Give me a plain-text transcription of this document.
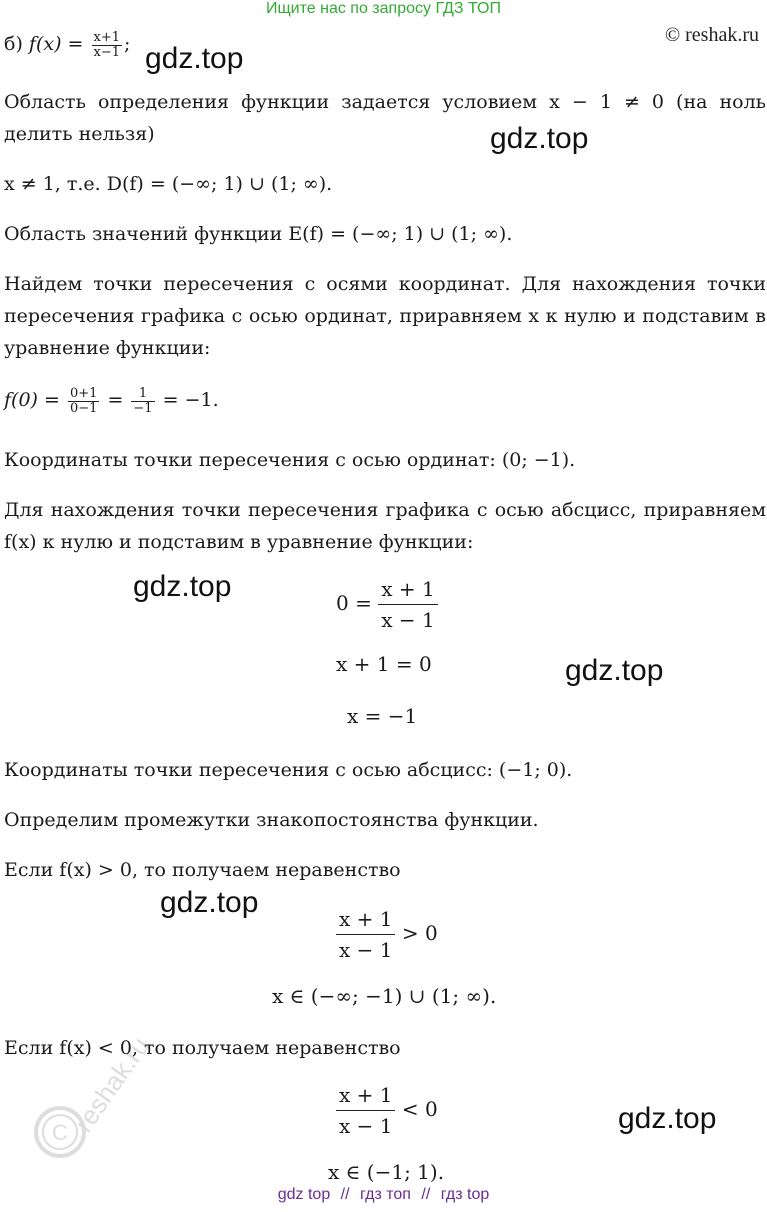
Ищите нас по запросу ГДЗ ТОП
© reshak.ru
б) $f(x) = \frac{x+1}{x-1}$ ; gdz.top
Область определения функции задается условием x − 1 ≠ 0 (на ноль делить нельзя)	gdz.top
x ≠ 1, т.е. D(f) = (−∞; 1) ∪ (1; ∞).
Область значений функции E(f) = (−∞; 1) ∪ (1; ∞).
Найдем точки пересечения с осями координат. Для нахождения точки пересечения графика с осью ординат, приравняем x к нулю и подставим в уравнение функции:
$f(0) = \frac{0+1}{0-1} = \frac{1}{-1} = -1$.
Координаты точки пересечения с осью ординат: (0; −1).
Для нахождения точки пересечения графика с осью абсцисс, приравняем f(x) к нулю и подставим в уравнение функции:
gdz.top	$0 = \frac{x + 1}{x - 1}$
x + 1 = 0	gdz.top
x = −1
Координаты точки пересечения с осью абсцисс: (−1; 0).
Определим промежутки знакопостоянства функции.
Если f(x) > 0, то получаем неравенство
gdz.top
$\frac{x + 1}{x - 1} > 0$
x ∈ (−∞; −1) ∪ (1; ∞).
Если f(x) < 0, то получаем неравенство
$\frac{x + 1}{x - 1} < 0$	gdz.top
x ∈ (−1; 1).
C reshak.ru
gdz top // гдз топ // гдз top
